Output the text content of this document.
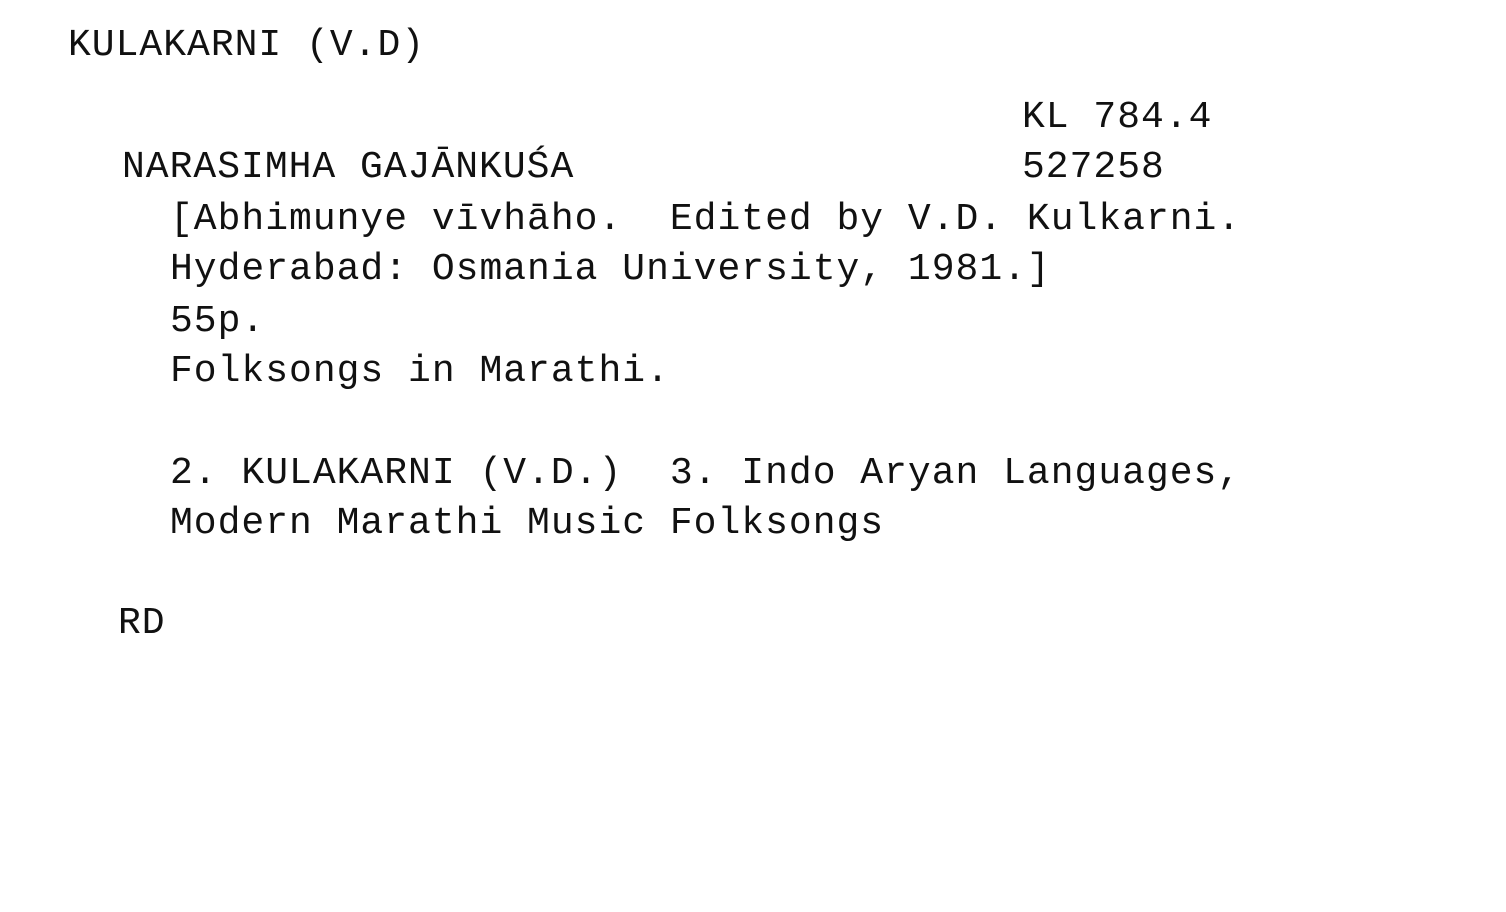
KULAKARNI (V.D)
KL 784.4
527258
NARASIMHA GAJĀNKUŚA
[Abhimunye vīvhāho.  Edited by V.D. Kulkarni.
Hyderabad: Osmania University, 1981.]
55p.
Folksongs in Marathi.
2. KULAKARNI (V.D.)  3. Indo Aryan Languages,
Modern Marathi Music Folksongs
RD
